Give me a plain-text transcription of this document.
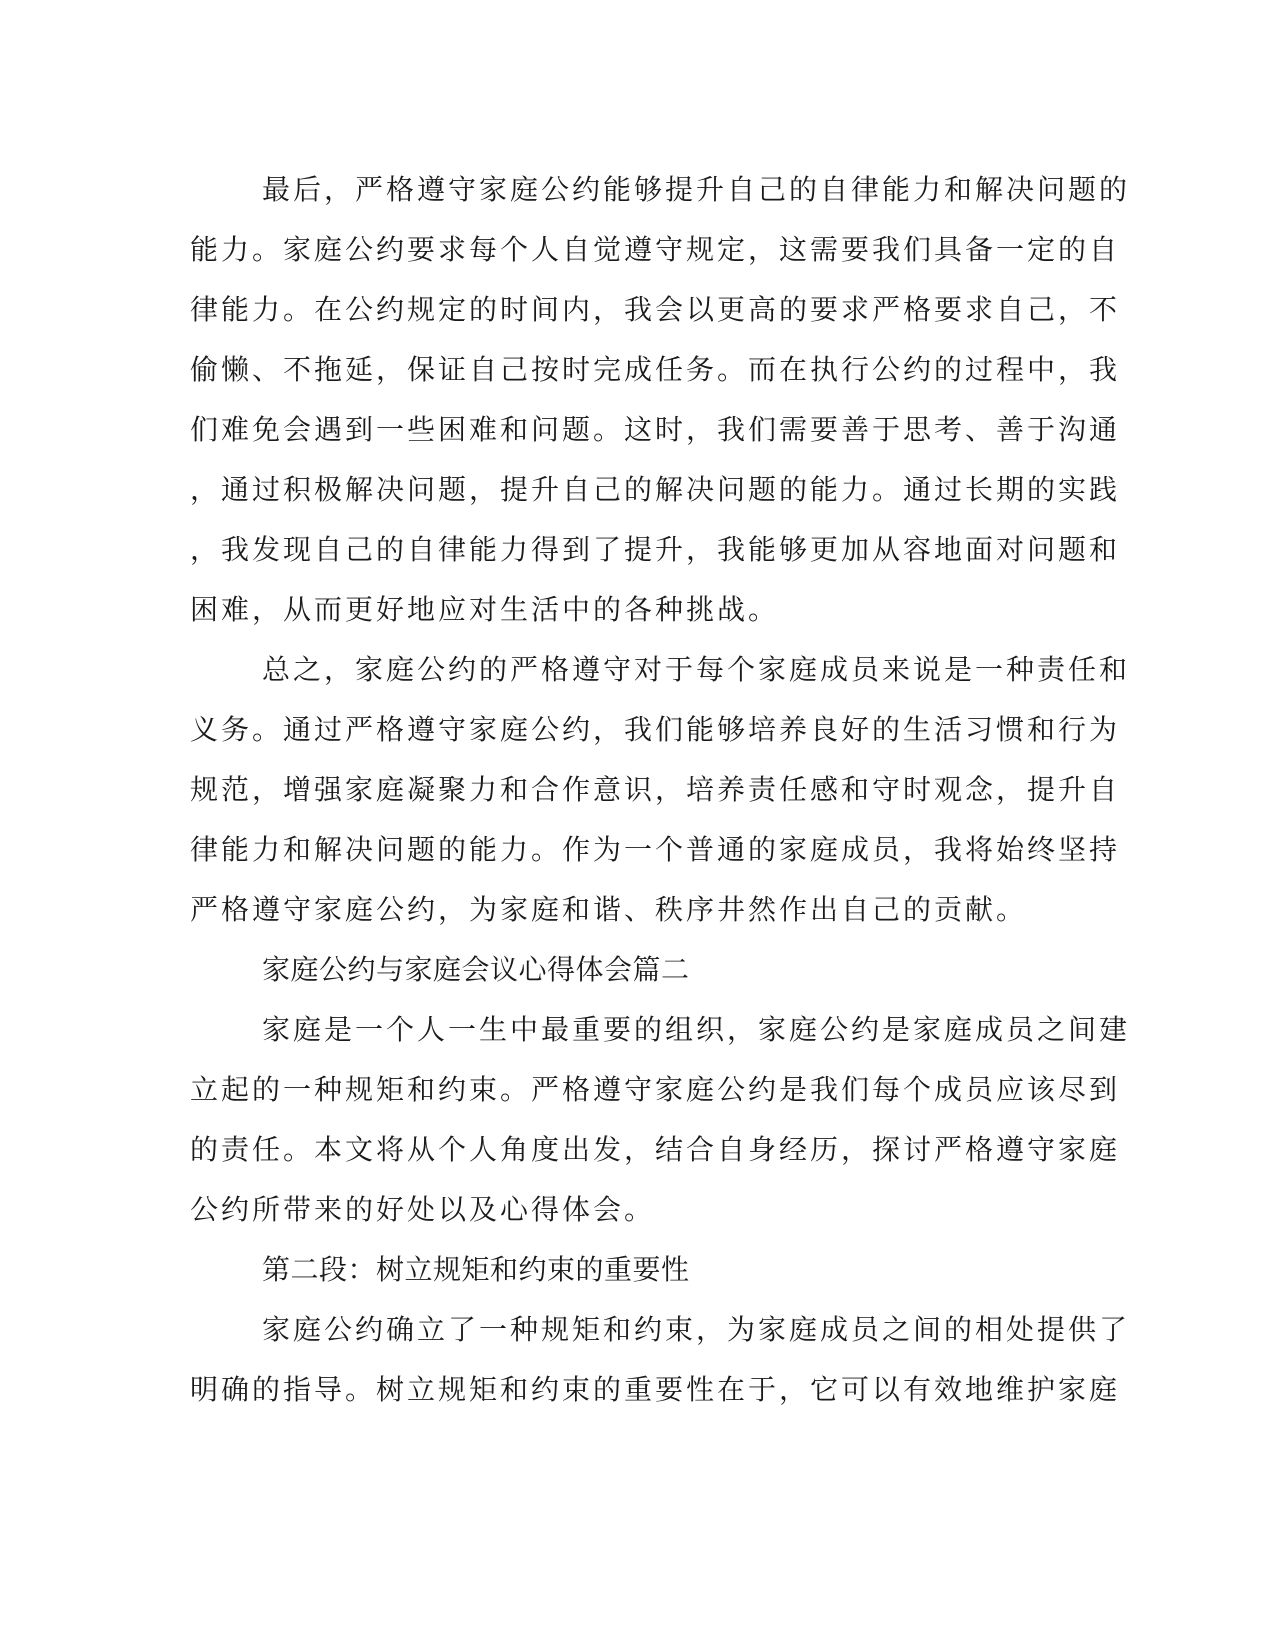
最后，严格遵守家庭公约能够提升自己的自律能力和解决问题的
能力。家庭公约要求每个人自觉遵守规定，这需要我们具备一定的自
律能力。在公约规定的时间内，我会以更高的要求严格要求自己，不
偷懒、不拖延，保证自己按时完成任务。而在执行公约的过程中，我
们难免会遇到一些困难和问题。这时，我们需要善于思考、善于沟通
，通过积极解决问题，提升自己的解决问题的能力。通过长期的实践
，我发现自己的自律能力得到了提升，我能够更加从容地面对问题和
困难，从而更好地应对生活中的各种挑战。
总之，家庭公约的严格遵守对于每个家庭成员来说是一种责任和
义务。通过严格遵守家庭公约，我们能够培养良好的生活习惯和行为
规范，增强家庭凝聚力和合作意识，培养责任感和守时观念，提升自
律能力和解决问题的能力。作为一个普通的家庭成员，我将始终坚持
严格遵守家庭公约，为家庭和谐、秩序井然作出自己的贡献。
家庭公约与家庭会议心得体会篇二
家庭是一个人一生中最重要的组织，家庭公约是家庭成员之间建
立起的一种规矩和约束。严格遵守家庭公约是我们每个成员应该尽到
的责任。本文将从个人角度出发，结合自身经历，探讨严格遵守家庭
公约所带来的好处以及心得体会。
第二段：树立规矩和约束的重要性
家庭公约确立了一种规矩和约束，为家庭成员之间的相处提供了
明确的指导。树立规矩和约束的重要性在于，它可以有效地维护家庭
